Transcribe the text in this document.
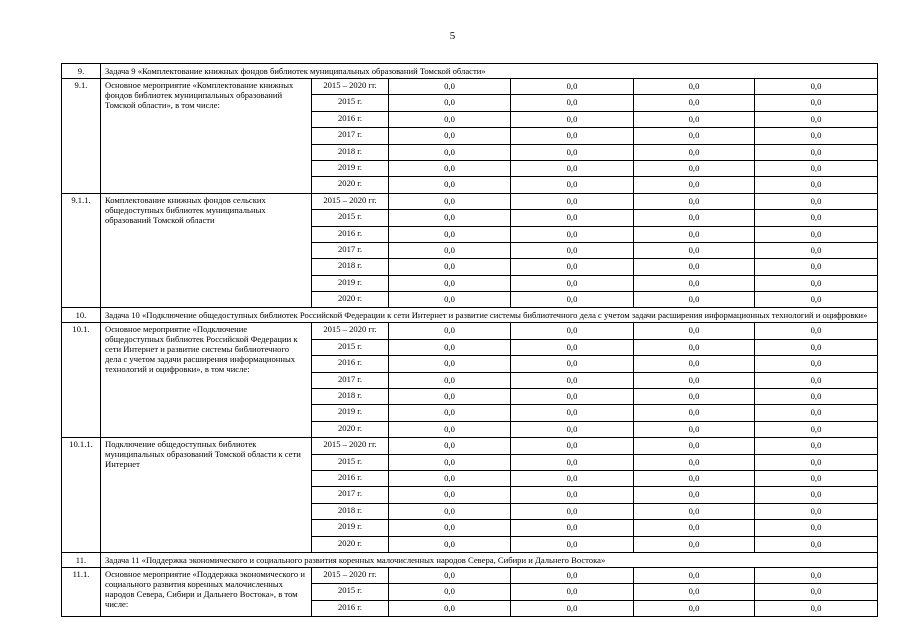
5
9.	Задача 9 «Комплектование книжных фондов библиотек муниципальных образований Томской области»					
9.1.	Основное мероприятие «Комплектование книжных фондов библиотек муниципальных образований Томской области», в том числе:	2015 – 2020 гг.	0,0	0,0	0,0	0,0
		2015 г.	0,0	0,0	0,0	0,0
		2016 г.	0,0	0,0	0,0	0,0
		2017 г.	0,0	0,0	0,0	0,0
		2018 г.	0,0	0,0	0,0	0,0
		2019 г.	0,0	0,0	0,0	0,0
		2020 г.	0,0	0,0	0,0	0,0
9.1.1.	Комплектование книжных фондов сельских общедоступных библиотек муниципальных образований Томской области	2015 – 2020 гг.	0,0	0,0	0,0	0,0
		2015 г.	0,0	0,0	0,0	0,0
		2016 г.	0,0	0,0	0,0	0,0
		2017 г.	0,0	0,0	0,0	0,0
		2018 г.	0,0	0,0	0,0	0,0
		2019 г.	0,0	0,0	0,0	0,0
		2020 г.	0,0	0,0	0,0	0,0
10.	Задача 10 «Подключение общедоступных библиотек Российской Федерации к сети Интернет и развитие системы библиотечного дела с учетом задачи расширения информационных технологий и оцифровки»					
10.1.	Основное мероприятие «Подключение общедоступных библиотек Российской Федерации к сети Интернет и развитие системы библиотечного дела с учетом задачи расширения информационных технологий и оцифровки», в том числе:	2015 – 2020 гг.	0,0	0,0	0,0	0,0
		2015 г.	0,0	0,0	0,0	0,0
		2016 г.	0,0	0,0	0,0	0,0
		2017 г.	0,0	0,0	0,0	0,0
		2018 г.	0,0	0,0	0,0	0,0
		2019 г.	0,0	0,0	0,0	0,0
		2020 г.	0,0	0,0	0,0	0,0
10.1.1.	Подключение общедоступных библиотек муниципальных образований Томской области к сети Интернет	2015 – 2020 гг.	0,0	0,0	0,0	0,0
		2015 г.	0,0	0,0	0,0	0,0
		2016 г.	0,0	0,0	0,0	0,0
		2017 г.	0,0	0,0	0,0	0,0
		2018 г.	0,0	0,0	0,0	0,0
		2019 г.	0,0	0,0	0,0	0,0
		2020 г.	0,0	0,0	0,0	0,0
11.	Задача 11 «Поддержка экономического и социального развития коренных малочисленных народов Севера, Сибири и Дальнего Востока»					
11.1.	Основное мероприятие «Поддержка экономического и социального развития коренных малочисленных народов Севера, Сибири и Дальнего Востока», в том числе:	2015 – 2020 гг.	0,0	0,0	0,0	0,0
		2015 г.	0,0	0,0	0,0	0,0
		2016 г.	0,0	0,0	0,0	0,0
